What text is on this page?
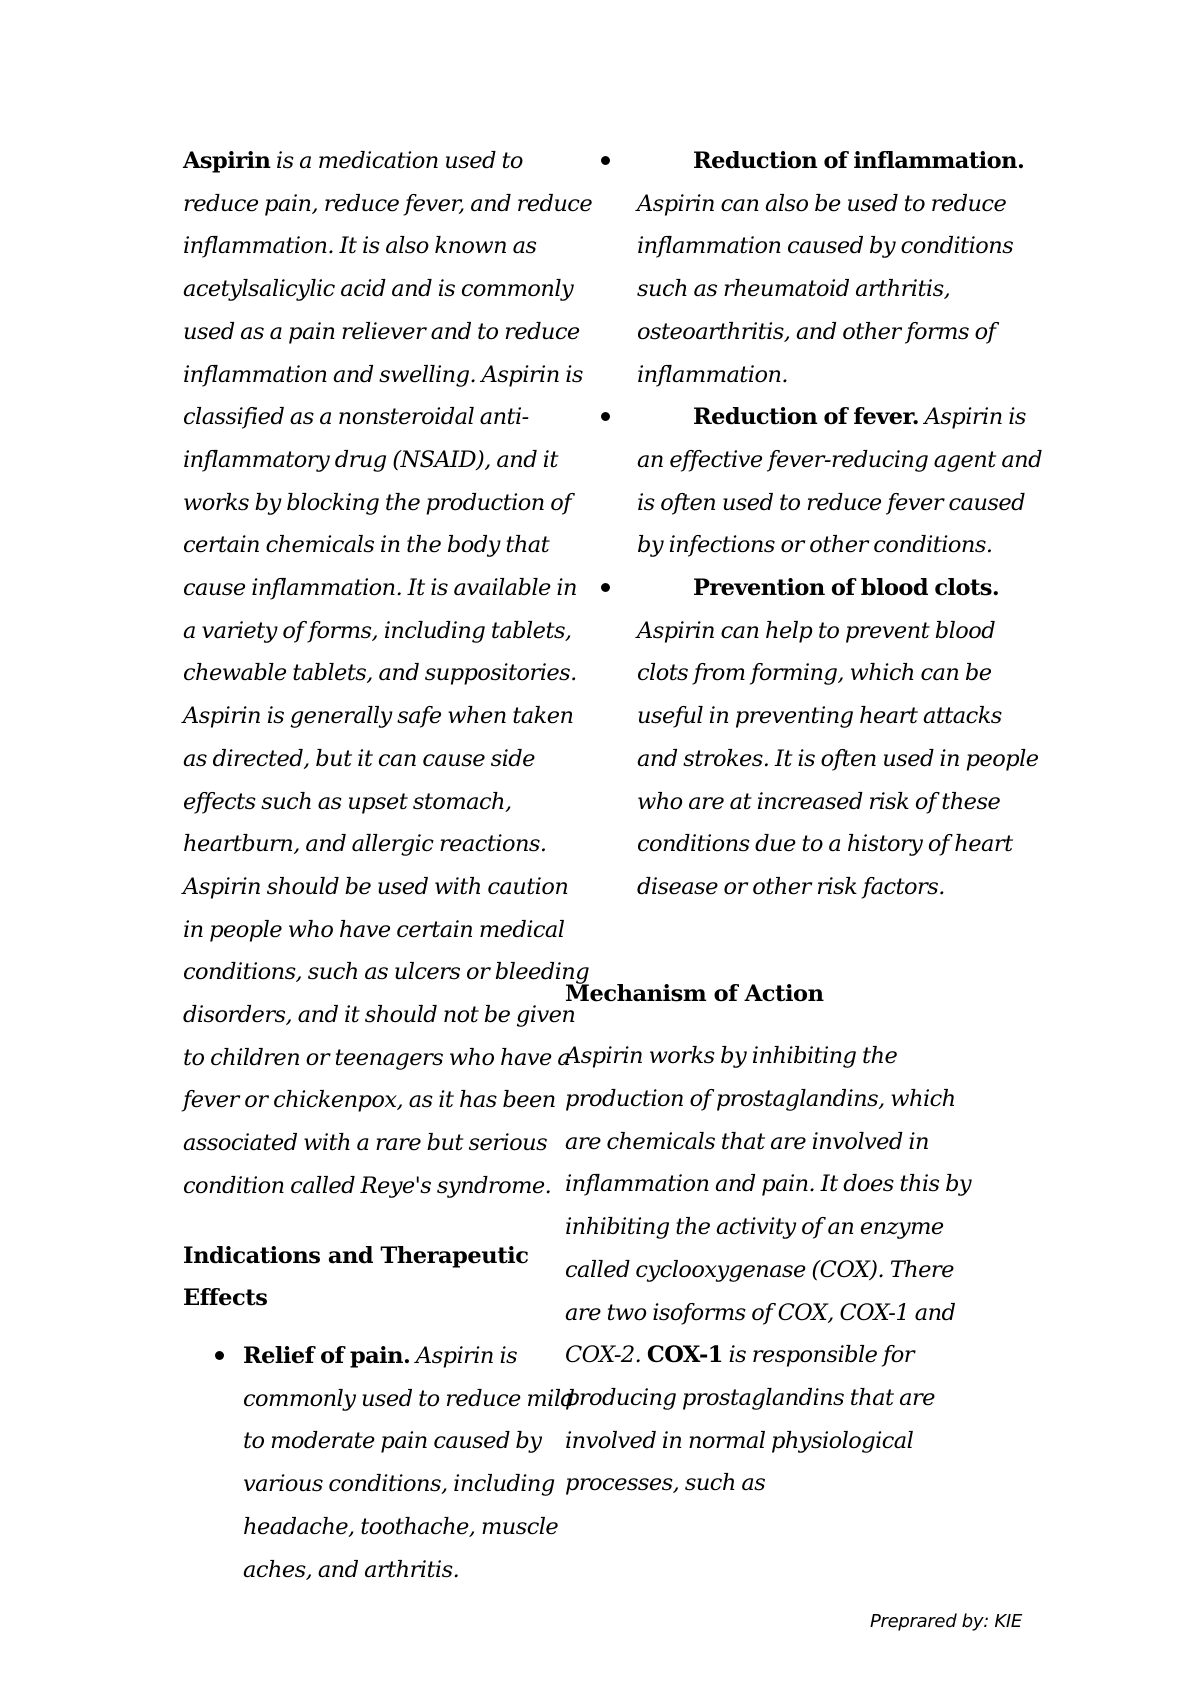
Aspirin is a medication used to reduce pain, reduce fever, and reduce inflammation. It is also known as acetylsalicylic acid and is commonly used as a pain reliever and to reduce inflammation and swelling. Aspirin is classified as a nonsteroidal anti-inflammatory drug (NSAID), and it works by blocking the production of certain chemicals in the body that cause inflammation. It is available in a variety of forms, including tablets, chewable tablets, and suppositories. Aspirin is generally safe when taken as directed, but it can cause side effects such as upset stomach, heartburn, and allergic reactions. Aspirin should be used with caution in people who have certain medical conditions, such as ulcers or bleeding disorders, and it should not be given to children or teenagers who have a fever or chickenpox, as it has been associated with a rare but serious condition called Reye's syndrome.

Indications and Therapeutic Effects

Relief of pain. Aspirin is commonly used to reduce mild to moderate pain caused by various conditions, including headache, toothache, muscle aches, and arthritis.

Reduction of inflammation. Aspirin can also be used to reduce inflammation caused by conditions such as rheumatoid arthritis, osteoarthritis, and other forms of inflammation.

Reduction of fever. Aspirin is an effective fever-reducing agent and is often used to reduce fever caused by infections or other conditions.

Prevention of blood clots. Aspirin can help to prevent blood clots from forming, which can be useful in preventing heart attacks and strokes. It is often used in people who are at increased risk of these conditions due to a history of heart disease or other risk factors.

Mechanism of Action

Aspirin works by inhibiting the production of prostaglandins, which are chemicals that are involved in inflammation and pain. It does this by inhibiting the activity of an enzyme called cyclooxygenase (COX). There are two isoforms of COX, COX-1 and COX-2. COX-1 is responsible for producing prostaglandins that are involved in normal physiological processes, such as

Preprared by: KIE
